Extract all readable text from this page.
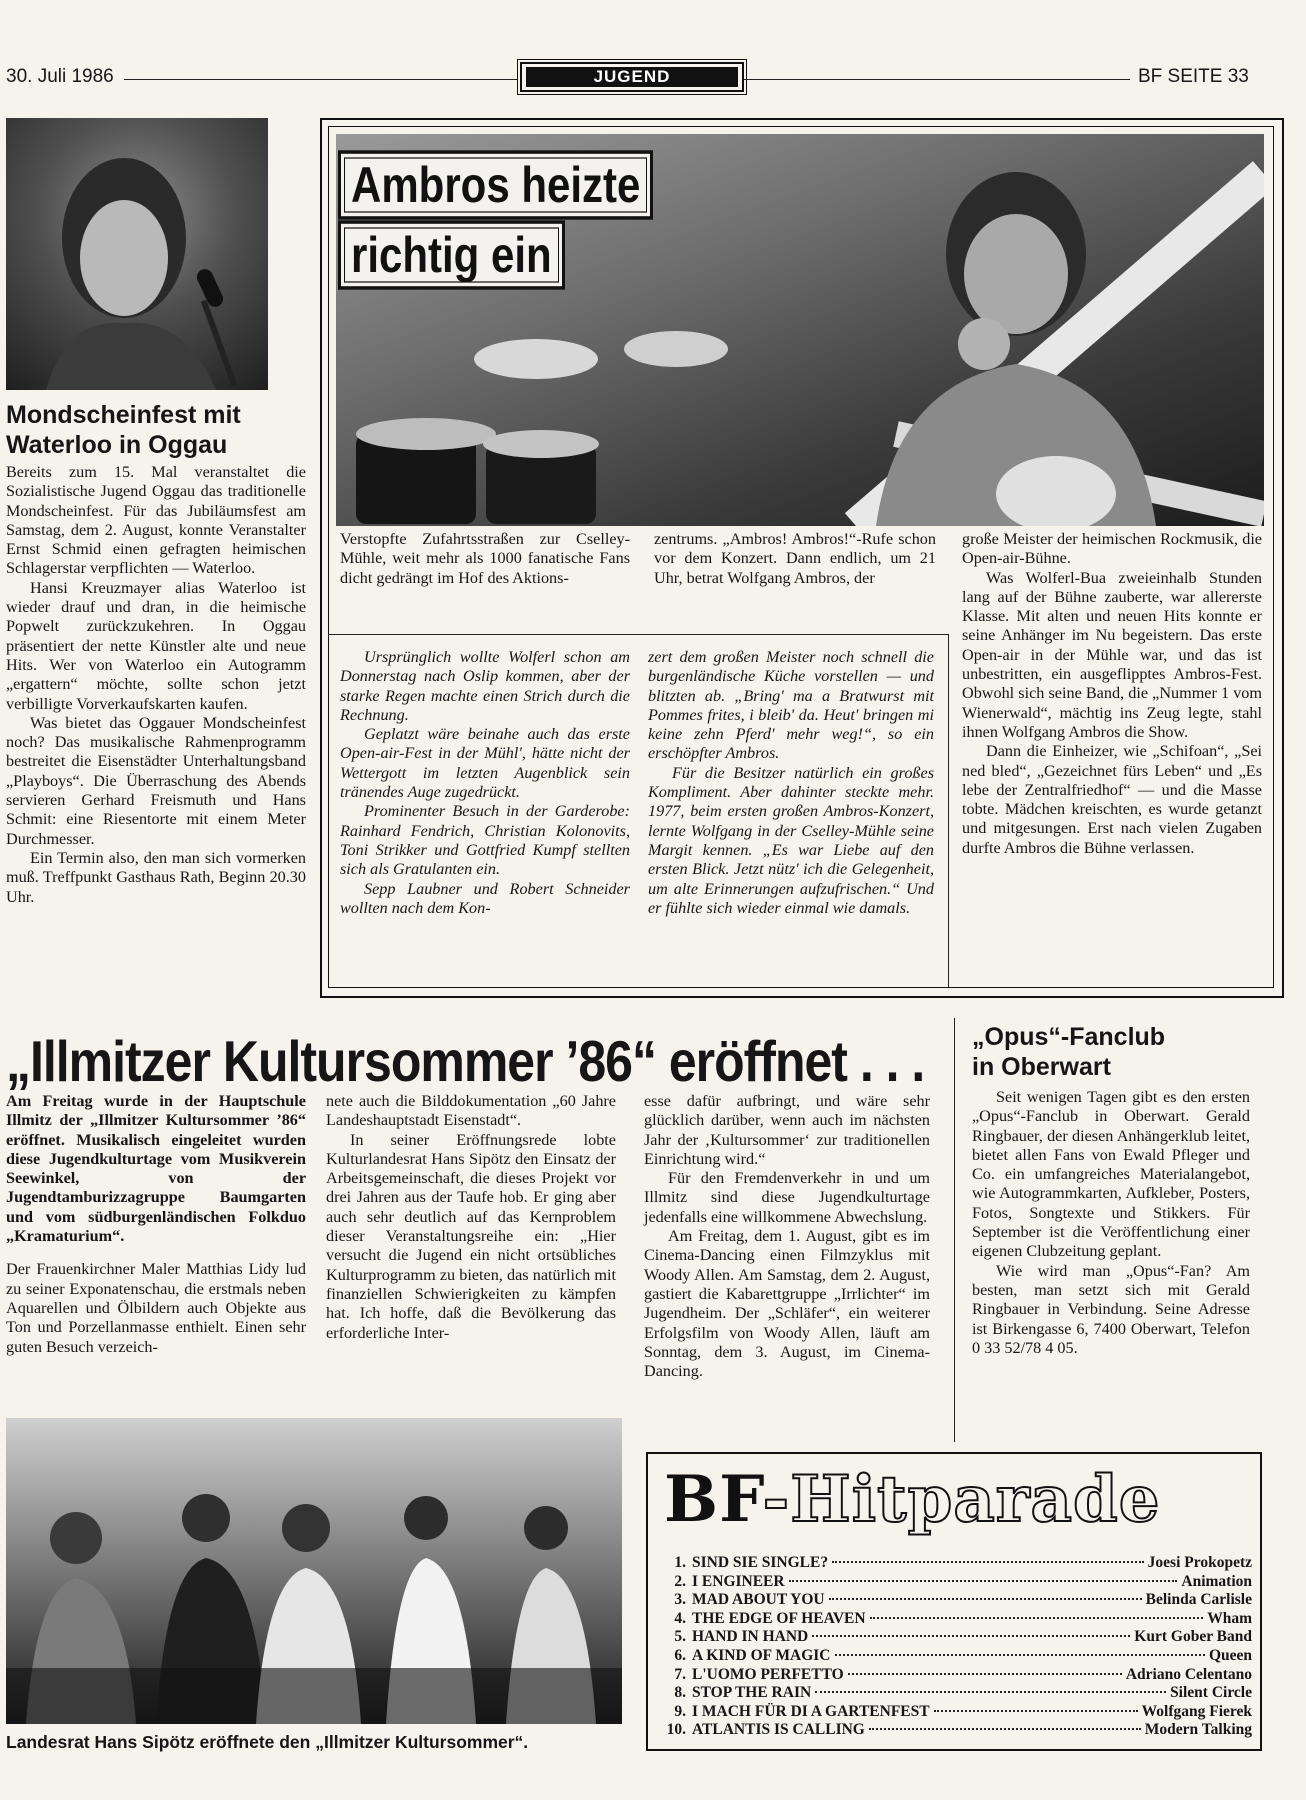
30. Juli 1986	JUGEND	BF SEITE 33
Mondscheinfest mit
Waterloo in Oggau

Bereits zum 15. Mal veranstaltet die Sozialistische Jugend Oggau das traditionelle Mondscheinfest. Für das Jubiläumsfest am Samstag, dem 2. August, konnte Veranstalter Ernst Schmid einen gefragten heimischen Schlagerstar verpflichten — Waterloo.

Hansi Kreuzmayer alias Waterloo ist wieder drauf und dran, in die heimische Popwelt zurückzukehren. In Oggau präsentiert der nette Künstler alte und neue Hits. Wer von Waterloo ein Autogramm „ergattern“ möchte, sollte schon jetzt verbilligte Vorverkaufskarten kaufen.

Was bietet das Oggauer Mondscheinfest noch? Das musikalische Rahmenprogramm bestreitet die Eisenstädter Unterhaltungsband „Playboys“. Die Überraschung des Abends servieren Gerhard Freismuth und Hans Schmit: eine Riesentorte mit einem Meter Durchmesser.

Ein Termin also, den man sich vormerken muß. Treffpunkt Gasthaus Rath, Beginn 20.30 Uhr.

Ambros heizte
richtig ein
Verstopfte Zufahrtsstraßen zur Cselley-Mühle, weit mehr als 1000 fanatische Fans dicht gedrängt im Hof des Aktions-
zentrums. „Ambros! Ambros!“-Rufe schon vor dem Konzert. Dann endlich, um 21 Uhr, betrat Wolfgang Ambros, der

große Meister der heimischen Rockmusik, die Open-air-Bühne.

Was Wolferl-Bua zweieinhalb Stunden lang auf der Bühne zauberte, war allererste Klasse. Mit alten und neuen Hits konnte er seine Anhänger im Nu begeistern. Das erste Open-air in der Mühle war, und das ist unbestritten, ein ausgeflipptes Ambros-Fest. Obwohl sich seine Band, die „Nummer 1 vom Wienerwald“, mächtig ins Zeug legte, stahl ihnen Wolfgang Ambros die Show.

Dann die Einheizer, wie „Schifoan“, „Sei ned bled“, „Gezeichnet fürs Leben“ und „Es lebe der Zentralfriedhof“ — und die Masse tobte. Mädchen kreischten, es wurde getanzt und mitgesungen. Erst nach vielen Zugaben durfte Ambros die Bühne verlassen.

Ursprünglich wollte Wolferl schon am Donnerstag nach Oslip kommen, aber der starke Regen machte einen Strich durch die Rechnung.

Geplatzt wäre beinahe auch das erste Open-air-Fest in der Mühl', hätte nicht der Wettergott im letzten Augenblick sein tränendes Auge zugedrückt.

Prominenter Besuch in der Garderobe: Rainhard Fendrich, Christian Kolonovits, Toni Strikker und Gottfried Kumpf stellten sich als Gratulanten ein.

Sepp Laubner und Robert Schneider wollten nach dem Kon-

zert dem großen Meister noch schnell die burgenländische Küche vorstellen — und blitzten ab. „Bring' ma a Bratwurst mit Pommes frites, i bleib' da. Heut' bringen mi keine zehn Pferd' mehr weg!“, so ein erschöpfter Ambros.

Für die Besitzer natürlich ein großes Kompliment. Aber dahinter steckte mehr. 1977, beim ersten großen Ambros-Konzert, lernte Wolfgang in der Cselley-Mühle seine Margit kennen. „Es war Liebe auf den ersten Blick. Jetzt nütz' ich die Gelegenheit, um alte Erinnerungen aufzufrischen.“ Und er fühlte sich wieder einmal wie damals.

„Illmitzer Kultursommer ’86“ eröffnet . . .

Am Freitag wurde in der Hauptschule Illmitz der „Illmitzer Kultursommer ’86“ eröffnet. Musikalisch eingeleitet wurden diese Jugendkulturtage vom Musikverein Seewinkel, von der Jugendtamburizzagruppe Baumgarten und vom südburgenländischen Folkduo „Kramaturium“.

Der Frauenkirchner Maler Matthias Lidy lud zu seiner Exponatenschau, die erstmals neben Aquarellen und Ölbildern auch Objekte aus Ton und Porzellanmasse enthielt. Einen sehr guten Besuch verzeich-

nete auch die Bilddokumentation „60 Jahre Landeshauptstadt Eisenstadt“.

In seiner Eröffnungsrede lobte Kulturlandesrat Hans Sipötz den Einsatz der Arbeitsgemeinschaft, die dieses Projekt vor drei Jahren aus der Taufe hob. Er ging aber auch sehr deutlich auf das Kernproblem dieser Veranstaltungsreihe ein: „Hier versucht die Jugend ein nicht ortsübliches Kulturprogramm zu bieten, das natürlich mit finanziellen Schwierigkeiten zu kämpfen hat. Ich hoffe, daß die Bevölkerung das erforderliche Inter-

esse dafür aufbringt, und wäre sehr glücklich darüber, wenn auch im nächsten Jahr der ‚Kultursommer‘ zur traditionellen Einrichtung wird.“

Für den Fremdenverkehr in und um Illmitz sind diese Jugendkulturtage jedenfalls eine willkommene Abwechslung.

Am Freitag, dem 1. August, gibt es im Cinema-Dancing einen Filmzyklus mit Woody Allen. Am Samstag, dem 2. August, gastiert die Kabarettgruppe „Irrlichter“ im Jugendheim. Der „Schläfer“, ein weiterer Erfolgsfilm von Woody Allen, läuft am Sonntag, dem 3. August, im Cinema-Dancing.

Landesrat Hans Sipötz eröffnete den „Illmitzer Kultursommer“.
„Opus“-Fanclub
in Oberwart

Seit wenigen Tagen gibt es den ersten „Opus“-Fanclub in Oberwart. Gerald Ringbauer, der diesen Anhängerklub leitet, bietet allen Fans von Ewald Pfleger und Co. ein umfangreiches Materialangebot, wie Autogrammkarten, Aufkleber, Posters, Fotos, Songtexte und Stikkers. Für September ist die Veröffentlichung einer eigenen Clubzeitung geplant.

Wie wird man „Opus“-Fan? Am besten, man setzt sich mit Gerald Ringbauer in Verbindung. Seine Adresse ist Birkengasse 6, 7400 Oberwart, Telefon 0 33 52/78 4 05.

BF-Hitparade
1. SIND SIE SINGLE?	Joesi Prokopetz
2. I ENGINEER	Animation
3. MAD ABOUT YOU	Belinda Carlisle
4. THE EDGE OF HEAVEN	Wham
5. HAND IN HAND	Kurt Gober Band
6. A KIND OF MAGIC	Queen
7. L'UOMO PERFETTO	Adriano Celentano
8. STOP THE RAIN	Silent Circle
9. I MACH FÜR DI A GARTENFEST	Wolfgang Fierek
10. ATLANTIS IS CALLING	Modern Talking
